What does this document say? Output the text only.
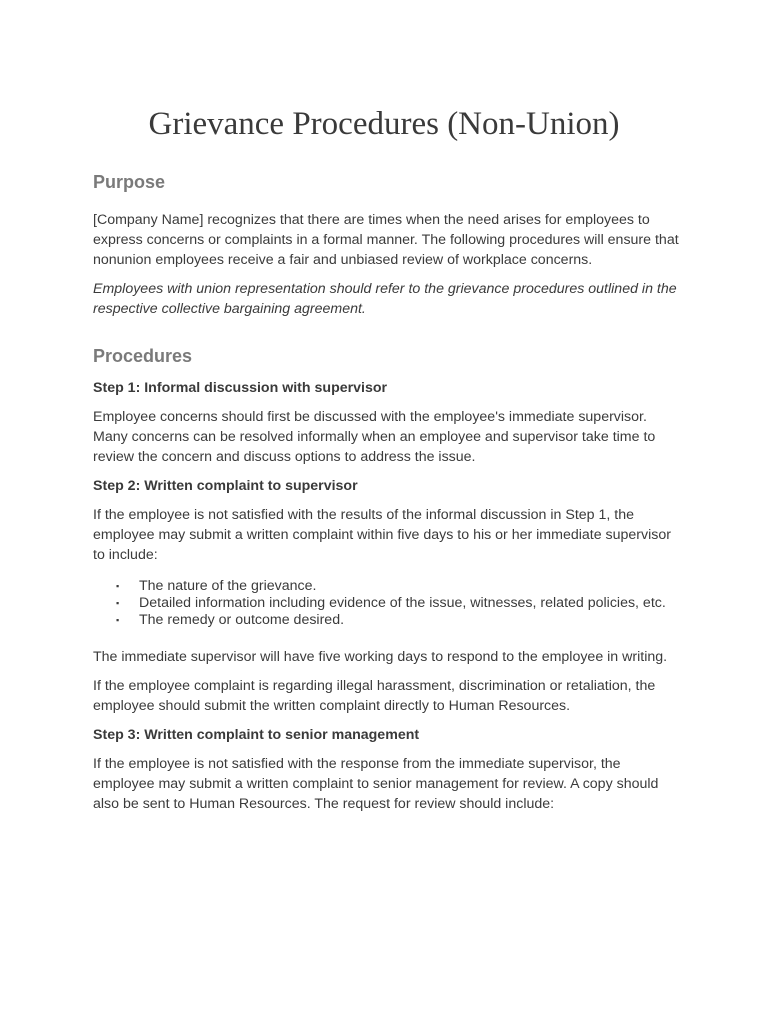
Grievance Procedures (Non-Union)
Purpose

[Company Name] recognizes that there are times when the need arises for employees to express concerns or complaints in a formal manner. The following procedures will ensure that nonunion employees receive a fair and unbiased review of workplace concerns.

Employees with union representation should refer to the grievance procedures outlined in the respective collective bargaining agreement.

Procedures
Step 1: Informal discussion with supervisor

Employee concerns should first be discussed with the employee's immediate supervisor. Many concerns can be resolved informally when an employee and supervisor take time to review the concern and discuss options to address the issue.

Step 2: Written complaint to supervisor

If the employee is not satisfied with the results of the informal discussion in Step 1, the employee may submit a written complaint within five days to his or her immediate supervisor to include:

▪ The nature of the grievance.
▪ Detailed information including evidence of the issue, witnesses, related policies, etc.
▪ The remedy or outcome desired.

The immediate supervisor will have five working days to respond to the employee in writing.

If the employee complaint is regarding illegal harassment, discrimination or retaliation, the employee should submit the written complaint directly to Human Resources.

Step 3: Written complaint to senior management

If the employee is not satisfied with the response from the immediate supervisor, the employee may submit a written complaint to senior management for review. A copy should also be sent to Human Resources. The request for review should include:
